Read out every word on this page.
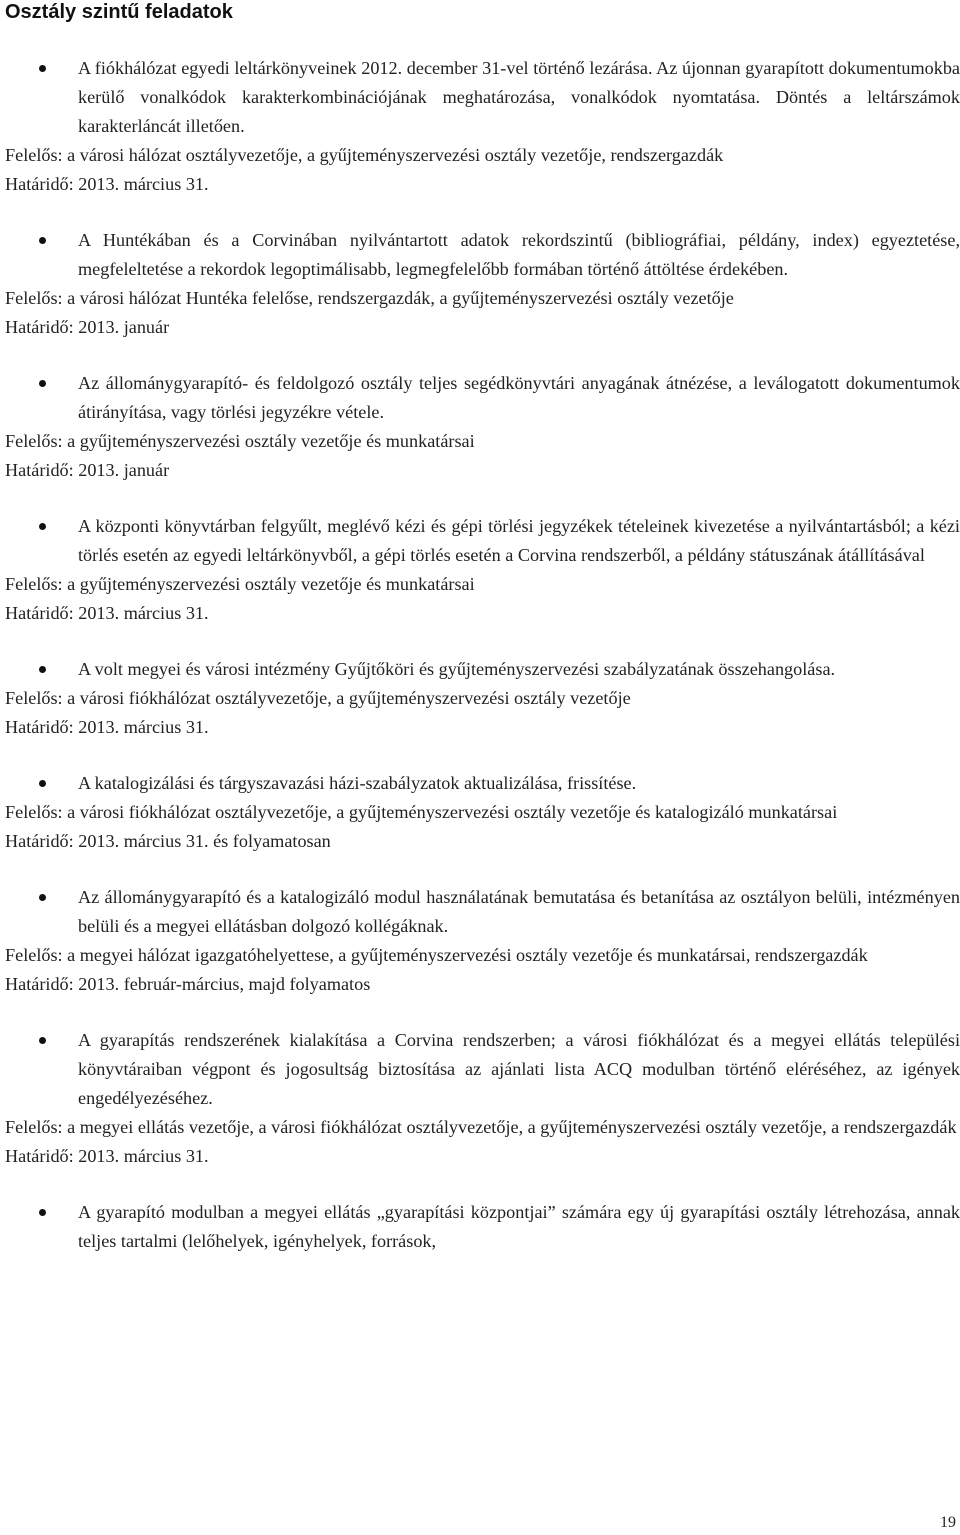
Osztály szintű feladatok
A fiókhálózat egyedi leltárkönyveinek 2012. december 31-vel történő lezárása. Az újonnan gyarapított dokumentumokba kerülő vonalkódok karakterkombinációjának meghatározása, vonalkódok nyomtatása. Döntés a leltárszámok karakterláncát illetően.
Felelős: a városi hálózat osztályvezetője, a gyűjteményszervezési osztály vezetője, rendszergazdák
Határidő: 2013. március 31.
A Huntékában és a Corvinában nyilvántartott adatok rekordszintű (bibliográfiai, példány, index) egyeztetése, megfeleltetése a rekordok legoptimálisabb, legmegfelelőbb formában történő áttöltése érdekében.
Felelős: a városi hálózat Huntéka felelőse, rendszergazdák, a gyűjteményszervezési osztály vezetője
Határidő: 2013. január
Az állománygyarapító- és feldolgozó osztály teljes segédkönyvtári anyagának átnézése, a leválogatott dokumentumok átirányítása, vagy törlési jegyzékre vétele.
Felelős: a gyűjteményszervezési osztály vezetője és munkatársai
Határidő: 2013. január
A központi könyvtárban felgyűlt, meglévő kézi és gépi törlési jegyzékek tételeinek kivezetése a nyilvántartásból; a kézi törlés esetén az egyedi leltárkönyvből, a gépi törlés esetén a Corvina rendszerből, a példány státuszának átállításával
Felelős: a gyűjteményszervezési osztály vezetője és munkatársai
Határidő: 2013. március 31.
A volt megyei és városi intézmény Gyűjtőköri és gyűjteményszervezési szabályzatának összehangolása.
Felelős: a városi fiókhálózat osztályvezetője, a gyűjteményszervezési osztály vezetője
Határidő: 2013. március 31.
A katalogizálási és tárgyszavazási házi-szabályzatok aktualizálása, frissítése.
Felelős: a városi fiókhálózat osztályvezetője, a gyűjteményszervezési osztály vezetője és katalogizáló munkatársai
Határidő: 2013. március 31. és folyamatosan
Az állománygyarapító és a katalogizáló modul használatának bemutatása és betanítása az osztályon belüli, intézményen belüli és a megyei ellátásban dolgozó kollégáknak.
Felelős: a megyei hálózat igazgatóhelyettese, a gyűjteményszervezési osztály vezetője és munkatársai, rendszergazdák
Határidő: 2013. február-március, majd folyamatos
A gyarapítás rendszerének kialakítása a Corvina rendszerben; a városi fiókhálózat és a megyei ellátás települési könyvtáraiban végpont és jogosultság biztosítása az ajánlati lista ACQ modulban történő eléréséhez, az igények engedélyezéséhez.
Felelős: a megyei ellátás vezetője, a városi fiókhálózat osztályvezetője, a gyűjteményszervezési osztály vezetője, a rendszergazdák
Határidő: 2013. március 31.
A gyarapító modulban a megyei ellátás „gyarapítási központjai” számára egy új gyarapítási osztály létrehozása, annak teljes tartalmi (lelőhelyek, igényhelyek, források,
19
